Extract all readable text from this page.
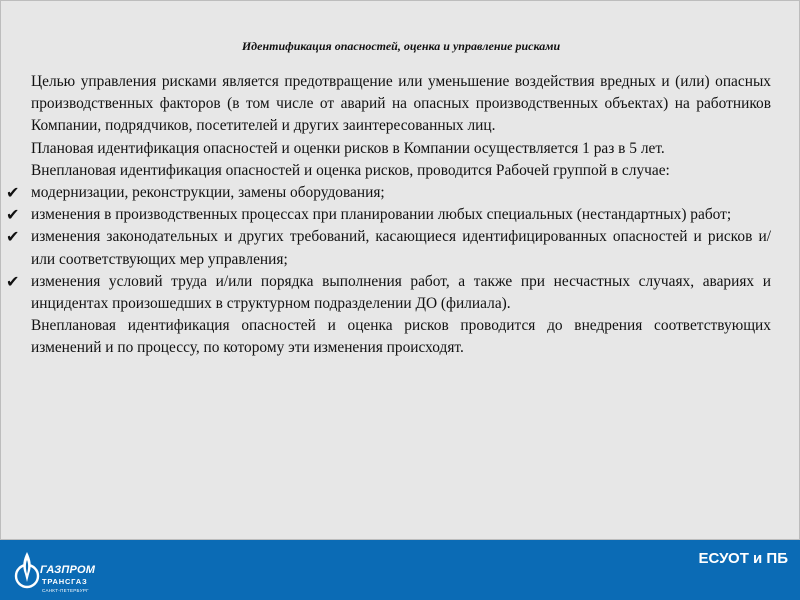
Идентификация опасностей, оценка и управление рисками

Целью управления рисками является предотвращение или уменьшение воздействия вредных и (или) опасных производственных факторов (в том числе от аварий на опасных производственных объектах) на работников Компании, подрядчиков, посетителей и других заинтересованных лиц.

Плановая идентификация опасностей и оценки рисков в Компании осуществляется 1 раз в 5 лет.

Внеплановая идентификация опасностей и оценка рисков, проводится Рабочей группой в случае:

✔ модернизации, реконструкции, замены оборудования;
✔ изменения в производственных процессах при планировании любых специальных (нестандартных) работ;
✔ изменения законодательных и других требований, касающиеся идентифицированных опасностей и рисков и/или соответствующих мер управления;
✔ изменения условий труда и/или порядка выполнения работ, а также при несчастных случаях, авариях и инцидентах произошедших в структурном подразделении ДО (филиала).

Внеплановая идентификация опасностей и оценка рисков проводится до внедрения соответствующих изменений и по процессу, по которому эти изменения происходят.

ЕСУОТ и ПБ
ГАЗПРОМ
ТРАНСГАЗ
САНКТ-ПЕТЕРБУРГ
